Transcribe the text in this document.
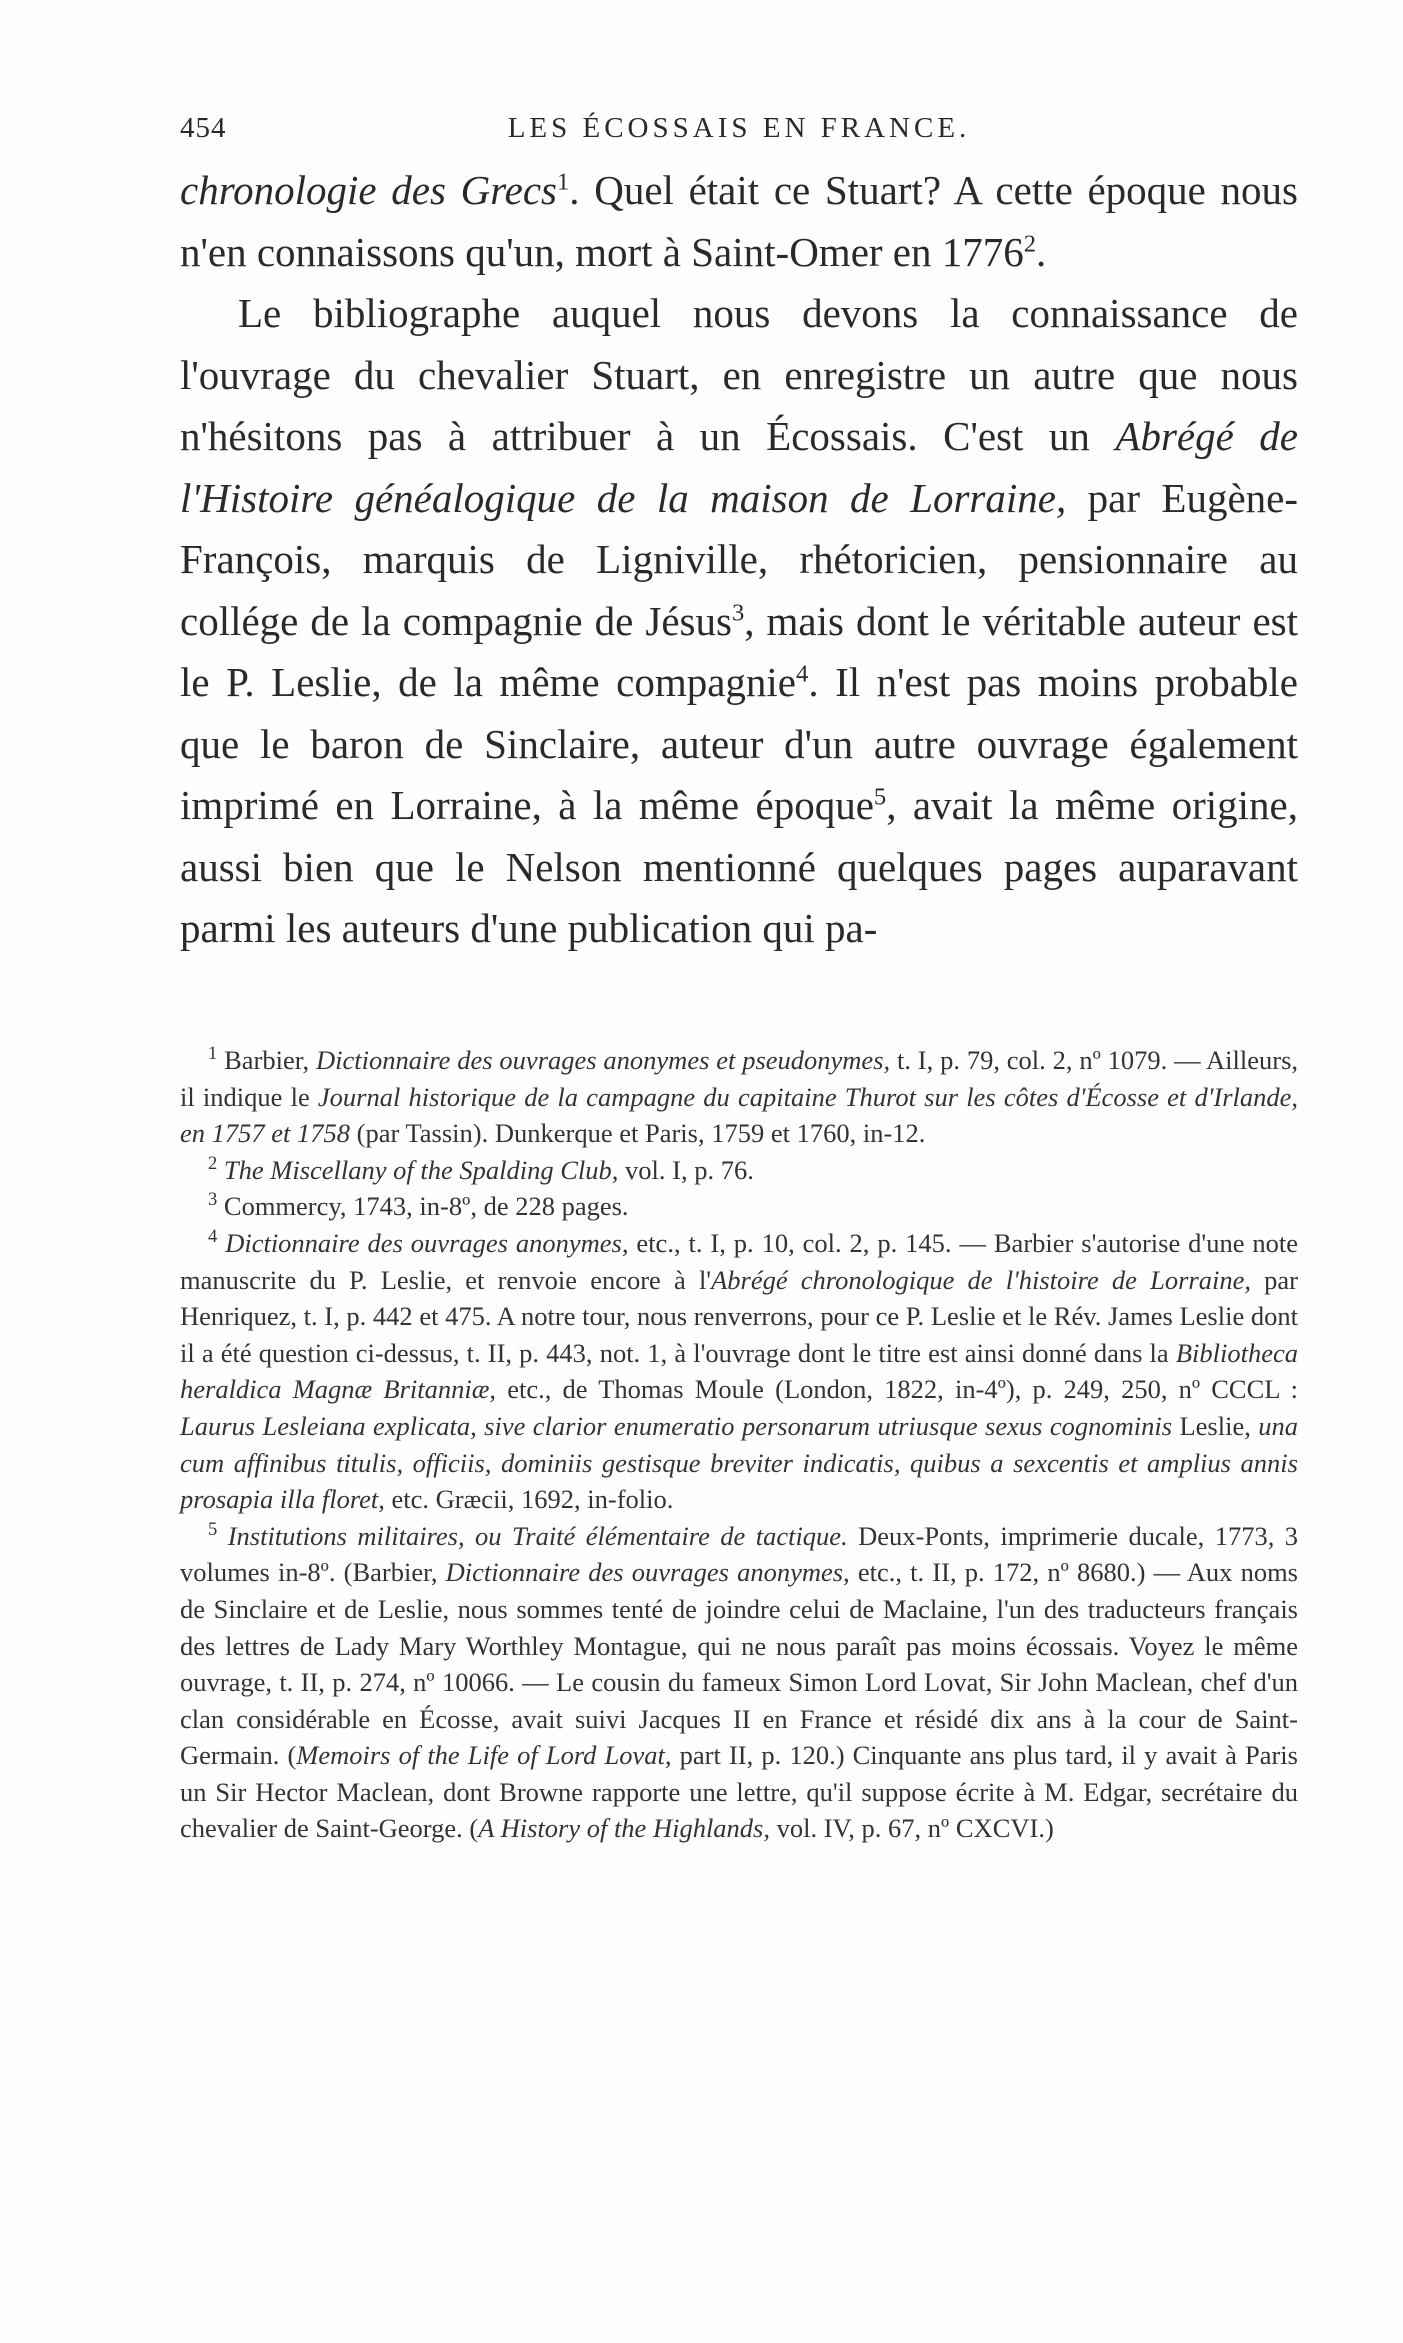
454	LES ÉCOSSAIS EN FRANCE.

chronologie des Grecs$^1$. Quel était ce Stuart? A cette époque nous n'en connaissons qu'un, mort à Saint-Omer en 1776$^2$.

Le bibliographe auquel nous devons la connaissance de l'ouvrage du chevalier Stuart, en enregistre un autre que nous n'hésitons pas à attribuer à un Écossais. C'est un Abrégé de l'Histoire généalogique de la maison de Lorraine, par Eugène-François, marquis de Ligniville, rhétoricien, pensionnaire au collége de la compagnie de Jésus$^3$, mais dont le véritable auteur est le P. Leslie, de la même compagnie$^4$. Il n'est pas moins probable que le baron de Sinclaire, auteur d'un autre ouvrage également imprimé en Lorraine, à la même époque$^5$, avait la même origine, aussi bien que le Nelson mentionné quelques pages auparavant parmi les auteurs d'une publication qui pa-

$^1$ Barbier, Dictionnaire des ouvrages anonymes et pseudonymes, t. I, p. 79, col. 2, nº 1079. — Ailleurs, il indique le Journal historique de la campagne du capitaine Thurot sur les côtes d'Écosse et d'Irlande, en 1757 et 1758 (par Tassin). Dunkerque et Paris, 1759 et 1760, in-12.

$^2$ The Miscellany of the Spalding Club, vol. I, p. 76.

$^3$ Commercy, 1743, in-8º, de 228 pages.

$^4$ Dictionnaire des ouvrages anonymes, etc., t. I, p. 10, col. 2, p. 145. — Barbier s'autorise d'une note manuscrite du P. Leslie, et renvoie encore à l'Abrégé chronologique de l'histoire de Lorraine, par Henriquez, t. I, p. 442 et 475. A notre tour, nous renverrons, pour ce P. Leslie et le Rév. James Leslie dont il a été question ci-dessus, t. II, p. 443, not. 1, à l'ouvrage dont le titre est ainsi donné dans la Bibliotheca heraldica Magnæ Britanniæ, etc., de Thomas Moule (London, 1822, in-4º), p. 249, 250, nº CCCL : Laurus Lesleiana explicata, sive clarior enumeratio personarum utriusque sexus cognominis Leslie, una cum affinibus titulis, officiis, dominiis gestisque breviter indicatis, quibus a sexcentis et amplius annis prosapia illa floret, etc. Græcii, 1692, in-folio.

$^5$ Institutions militaires, ou Traité élémentaire de tactique. Deux-Ponts, imprimerie ducale, 1773, 3 volumes in-8º. (Barbier, Dictionnaire des ouvrages anonymes, etc., t. II, p. 172, nº 8680.) — Aux noms de Sinclaire et de Leslie, nous sommes tenté de joindre celui de Maclaine, l'un des traducteurs français des lettres de Lady Mary Worthley Montague, qui ne nous paraît pas moins écossais. Voyez le même ouvrage, t. II, p. 274, nº 10066. — Le cousin du fameux Simon Lord Lovat, Sir John Maclean, chef d'un clan considérable en Écosse, avait suivi Jacques II en France et résidé dix ans à la cour de Saint-Germain. (Memoirs of the Life of Lord Lovat, part II, p. 120.) Cinquante ans plus tard, il y avait à Paris un Sir Hector Maclean, dont Browne rapporte une lettre, qu'il suppose écrite à M. Edgar, secrétaire du chevalier de Saint-George. (A History of the Highlands, vol. IV, p. 67, nº CXCVI.)
